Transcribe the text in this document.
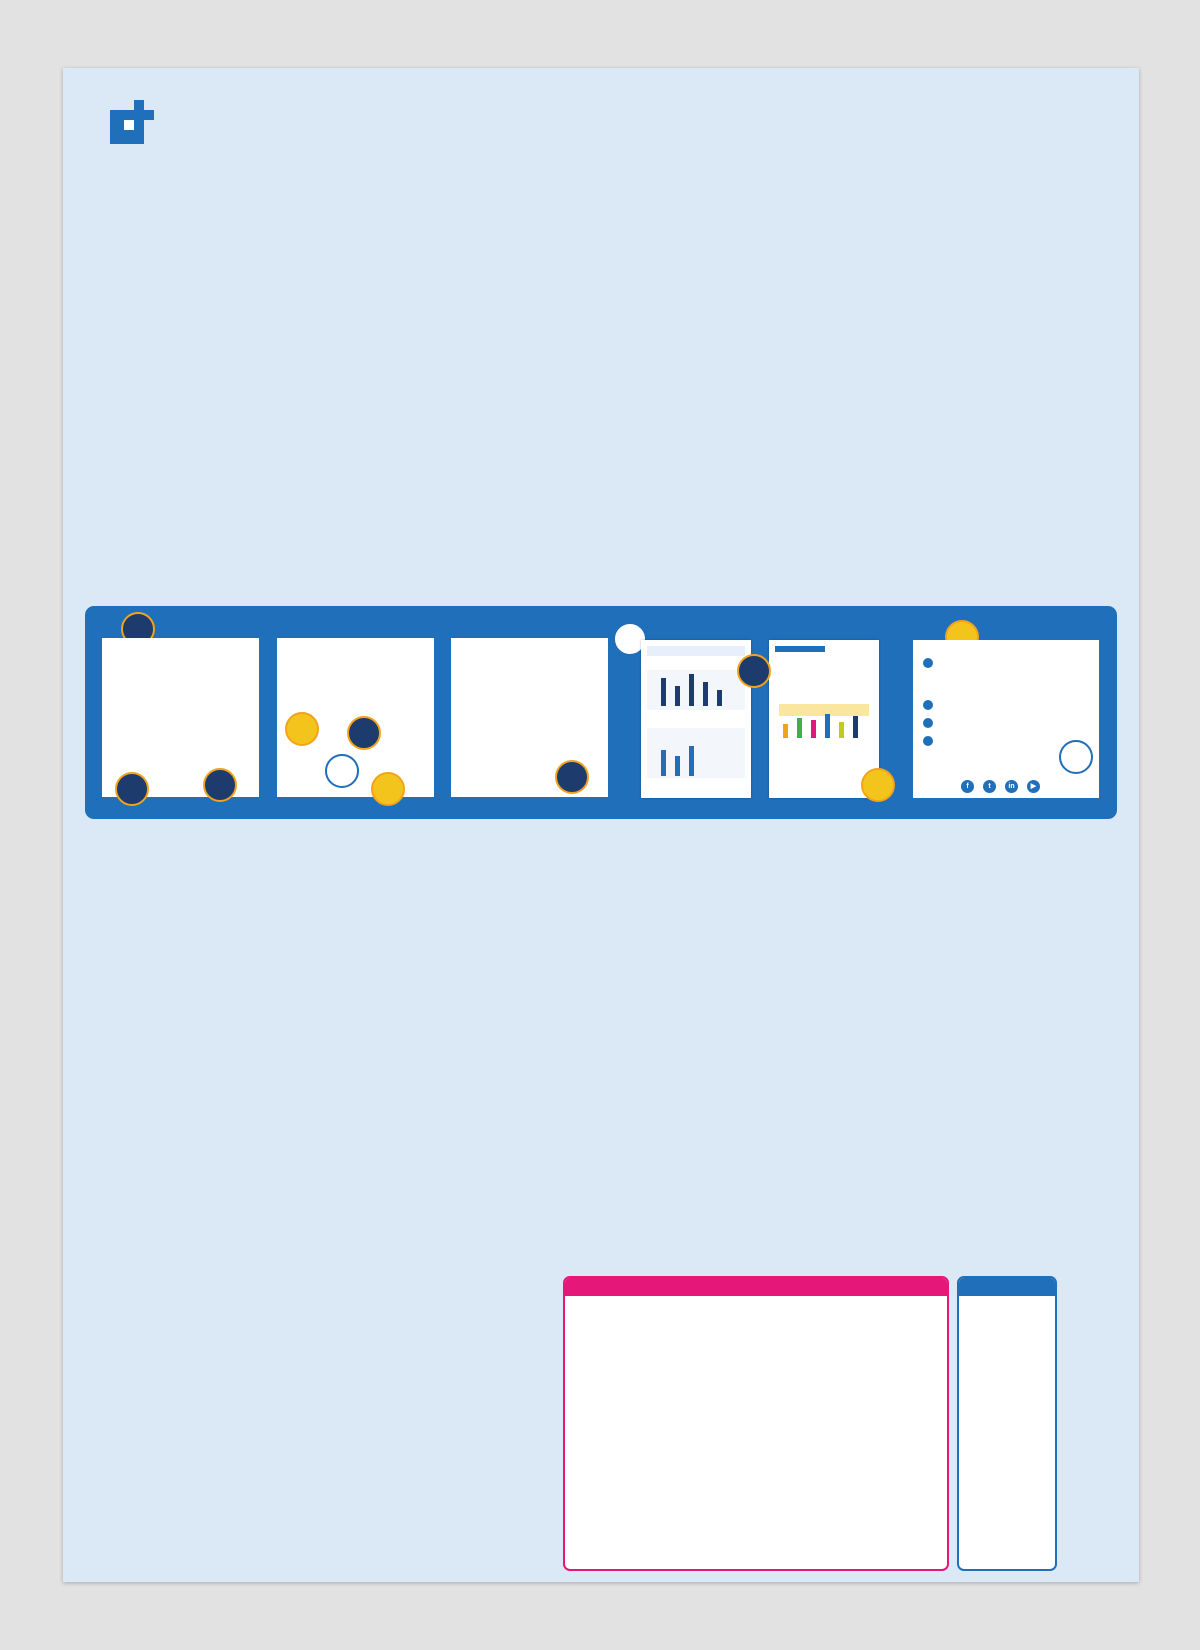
f	t	in	▶
